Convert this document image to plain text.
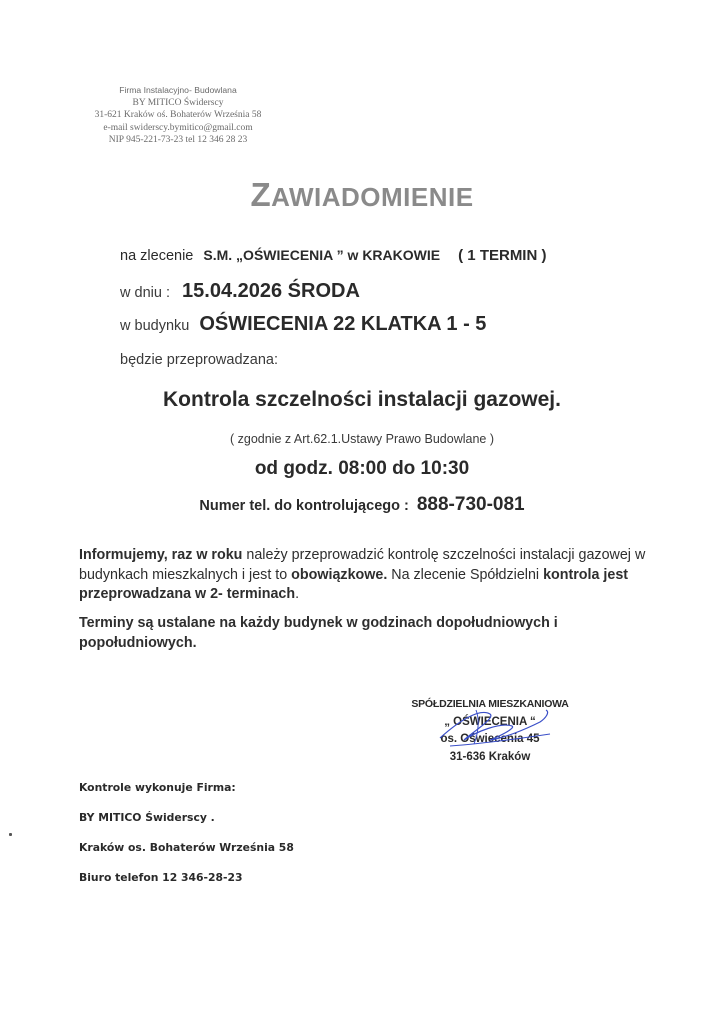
Firma Instalacyjno- Budowlana
BY MITICO Świderscy
31-621 Kraków oś. Bohaterów Września 58
e-mail swiderscy.bymitico@gmail.com
NIP 945-221-73-23 tel 12 346 28 23
ZAWIADOMIENIE
na zlecenie S.M. „OŚWIECENIA ” w KRAKOWIE ( 1 TERMIN )
w dniu : 15.04.2026 ŚRODA
w budynku OŚWIECENIA 22 KLATKA 1 - 5
będzie przeprowadzana:
Kontrola szczelności instalacji gazowej.
( zgodnie z Art.62.1.Ustawy Prawo Budowlane )
od godz. 08:00 do 10:30
Numer tel. do kontrolującego : 888-730-081
Informujemy, raz w roku należy przeprowadzić kontrolę szczelności instalacji gazowej w budynkach mieszkalnych i jest to obowiązkowe. Na zlecenie Spółdzielni kontrola jest przeprowadzana w 2- terminach.
Terminy są ustalane na każdy budynek w godzinach dopołudniowych i popołudniowych.
SPÓŁDZIELNIA MIESZKANIOWA
„ OŚWIECENIA “
os. Oświecenia 45
31-636 Kraków
Kontrole wykonuje Firma:
BY MITICO Świderscy .
Kraków os. Bohaterów Września 58
Biuro telefon 12 346-28-23
